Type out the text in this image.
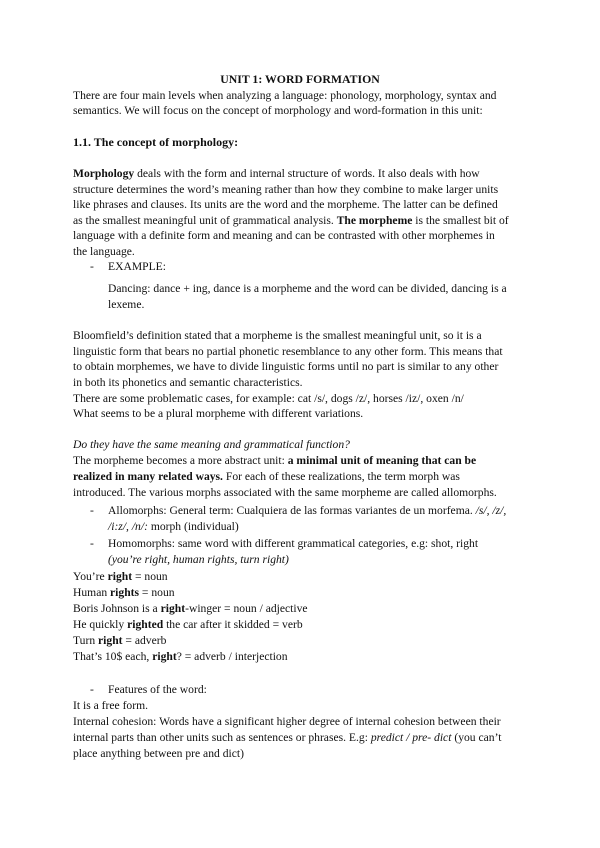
UNIT 1: WORD FORMATION
There are four main levels when analyzing a language: phonology, morphology, syntax and
semantics. We will focus on the concept of morphology and word-formation in this unit:
1.1. The concept of morphology:
Morphology deals with the form and internal structure of words. It also deals with how
structure determines the word’s meaning rather than how they combine to make larger units
like phrases and clauses. Its units are the word and the morpheme. The latter can be defined
as the smallest meaningful unit of grammatical analysis. The morpheme is the smallest bit of
language with a definite form and meaning and can be contrasted with other morphemes in
the language.
- EXAMPLE:
Dancing: dance + ing, dance is a morpheme and the word can be divided, dancing is a
lexeme.
Bloomfield’s definition stated that a morpheme is the smallest meaningful unit, so it is a
linguistic form that bears no partial phonetic resemblance to any other form. This means that
to obtain morphemes, we have to divide linguistic forms until no part is similar to any other
in both its phonetics and semantic characteristics.
There are some problematic cases, for example: cat /s/, dogs /z/, horses /iz/, oxen /n/
What seems to be a plural morpheme with different variations.
Do they have the same meaning and grammatical function?
The morpheme becomes a more abstract unit: a minimal unit of meaning that can be
realized in many related ways. For each of these realizations, the term morph was
introduced. The various morphs associated with the same morpheme are called allomorphs.
- Allomorphs: General term: Cualquiera de las formas variantes de un morfema. /s/, /z/,
/i:z/, /n/: morph (individual)
- Homomorphs: same word with different grammatical categories, e.g: shot, right
(you’re right, human rights, turn right)
You’re right = noun
Human rights = noun
Boris Johnson is a right-winger = noun / adjective
He quickly righted the car after it skidded = verb
Turn right = adverb
That’s 10$ each, right? = adverb / interjection
- Features of the word:
It is a free form.
Internal cohesion: Words have a significant higher degree of internal cohesion between their
internal parts than other units such as sentences or phrases. E.g: predict / pre- dict (you can’t
place anything between pre and dict)
